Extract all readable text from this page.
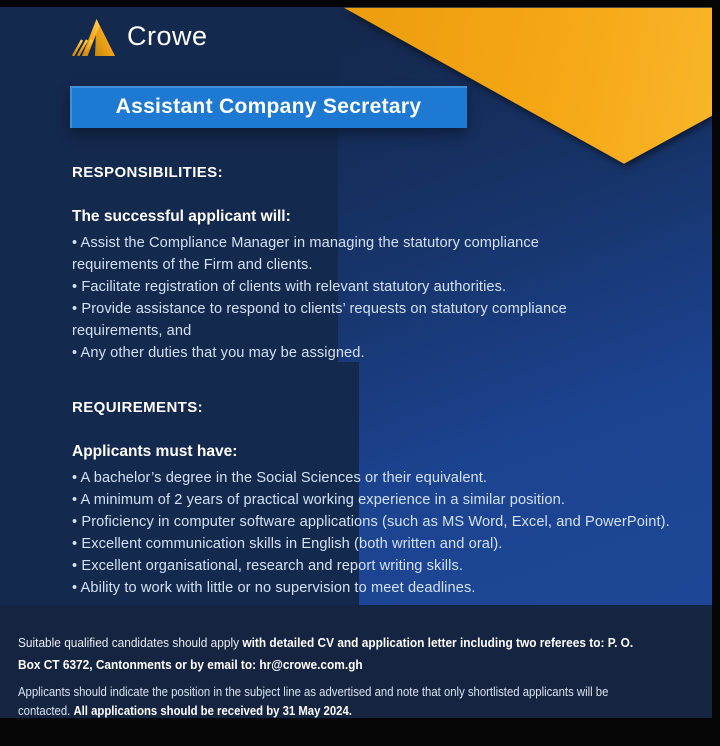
Crowe
Assistant Company Secretary
RESPONSIBILITIES:
The successful applicant will:
• Assist the Compliance Manager in managing the statutory compliance
requirements of the Firm and clients.
• Facilitate registration of clients with relevant statutory authorities.
• Provide assistance to respond to clients’ requests on statutory compliance
requirements, and
• Any other duties that you may be assigned.
REQUIREMENTS:
Applicants must have:
• A bachelor’s degree in the Social Sciences or their equivalent.
• A minimum of 2 years of practical working experience in a similar position.
• Proficiency in computer software applications (such as MS Word, Excel, and PowerPoint).
• Excellent communication skills in English (both written and oral).
• Excellent organisational, research and report writing skills.
• Ability to work with little or no supervision to meet deadlines.
Suitable qualified candidates should apply with detailed CV and application letter including two referees to: P. O.
Box CT 6372, Cantonments or by email to: hr@crowe.com.gh
Applicants should indicate the position in the subject line as advertised and note that only shortlisted applicants will be
contacted. All applications should be received by 31 May 2024.
